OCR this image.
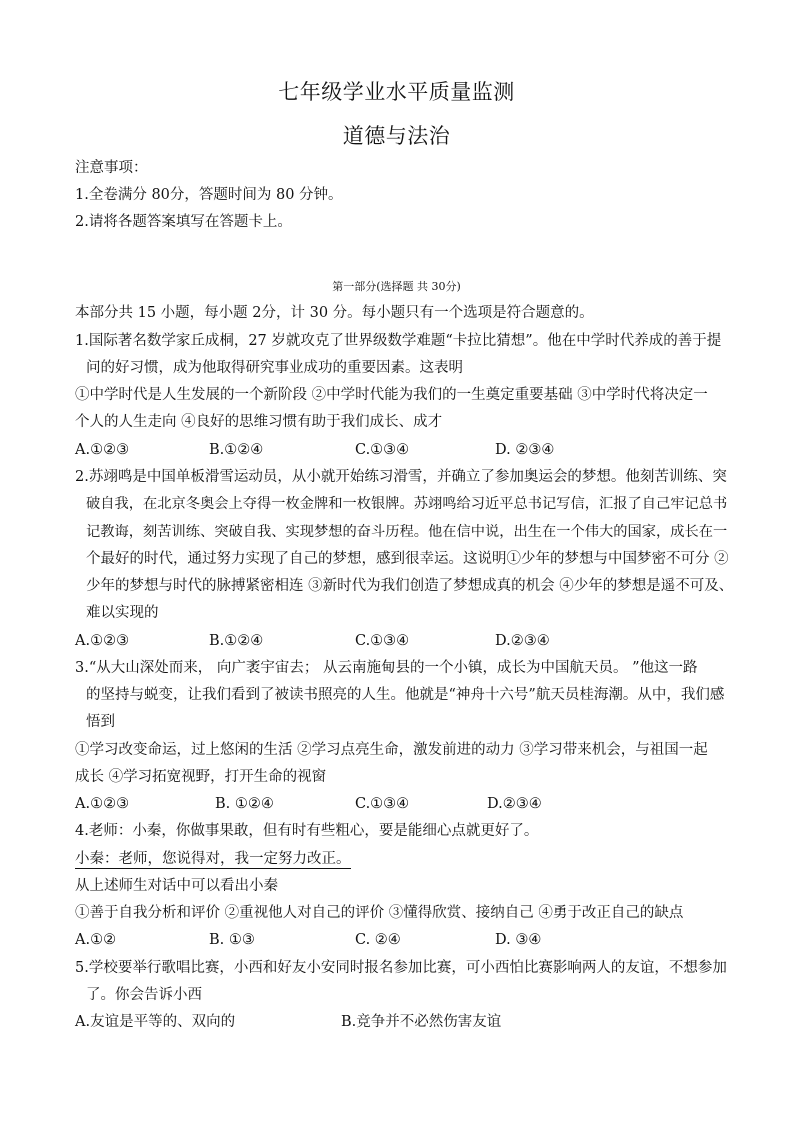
七年级学业水平质量监测
道德与法治
注意事项：
1.全卷满分 80分，答题时间为 80 分钟。
2.请将各题答案填写在答题卡上。
第一部分(选择题 共 30分)
本部分共 15 小题，每小题 2分，计 30 分。每小题只有一个选项是符合题意的。
1.国际著名数学家丘成桐，27 岁就攻克了世界级数学难题“卡拉比猜想”。他在中学时代养成的善于提
问的好习惯，成为他取得研究事业成功的重要因素。这表明
①中学时代是人生发展的一个新阶段 ②中学时代能为我们的一生奠定重要基础 ③中学时代将决定一
个人的人生走向 ④良好的思维习惯有助于我们成长、成才
A.①②③	B.①②④	C.①③④	D. ②③④
2.苏翊鸣是中国单板滑雪运动员，从小就开始练习滑雪，并确立了参加奥运会的梦想。他刻苦训练、突
破自我，在北京冬奥会上夺得一枚金牌和一枚银牌。苏翊鸣给习近平总书记写信，汇报了自己牢记总书
记教诲，刻苦训练、突破自我、实现梦想的奋斗历程。他在信中说，出生在一个伟大的国家，成长在一
个最好的时代，通过努力实现了自己的梦想，感到很幸运。这说明①少年的梦想与中国梦密不可分 ②
少年的梦想与时代的脉搏紧密相连 ③新时代为我们创造了梦想成真的机会 ④少年的梦想是遥不可及、
难以实现的
A.①②③	B.①②④	C.①③④	D.②③④
3.“从大山深处而来， 向广袤宇宙去； 从云南施甸县的一个小镇，成长为中国航天员。 ”他这一路
的坚持与蜕变，让我们看到了被读书照亮的人生。他就是“神舟十六号”航天员桂海潮。从中，我们感
悟到
①学习改变命运，过上悠闲的生活 ②学习点亮生命，激发前进的动力 ③学习带来机会，与祖国一起
成长 ④学习拓宽视野，打开生命的视窗
A.①②③	B. ①②④	C.①③④	D.②③④
4.老师：小秦，你做事果敢，但有时有些粗心，要是能细心点就更好了。
小秦：老师，您说得对，我一定努力改正。
从上述师生对话中可以看出小秦
①善于自我分析和评价 ②重视他人对自己的评价 ③懂得欣赏、接纳自己 ④勇于改正自己的缺点
A.①②	B. ①③	C. ②④	D. ③④
5.学校要举行歌唱比赛，小西和好友小安同时报名参加比赛，可小西怕比赛影响两人的友谊，不想参加
了。你会告诉小西
A.友谊是平等的、双向的	B.竞争并不必然伤害友谊
